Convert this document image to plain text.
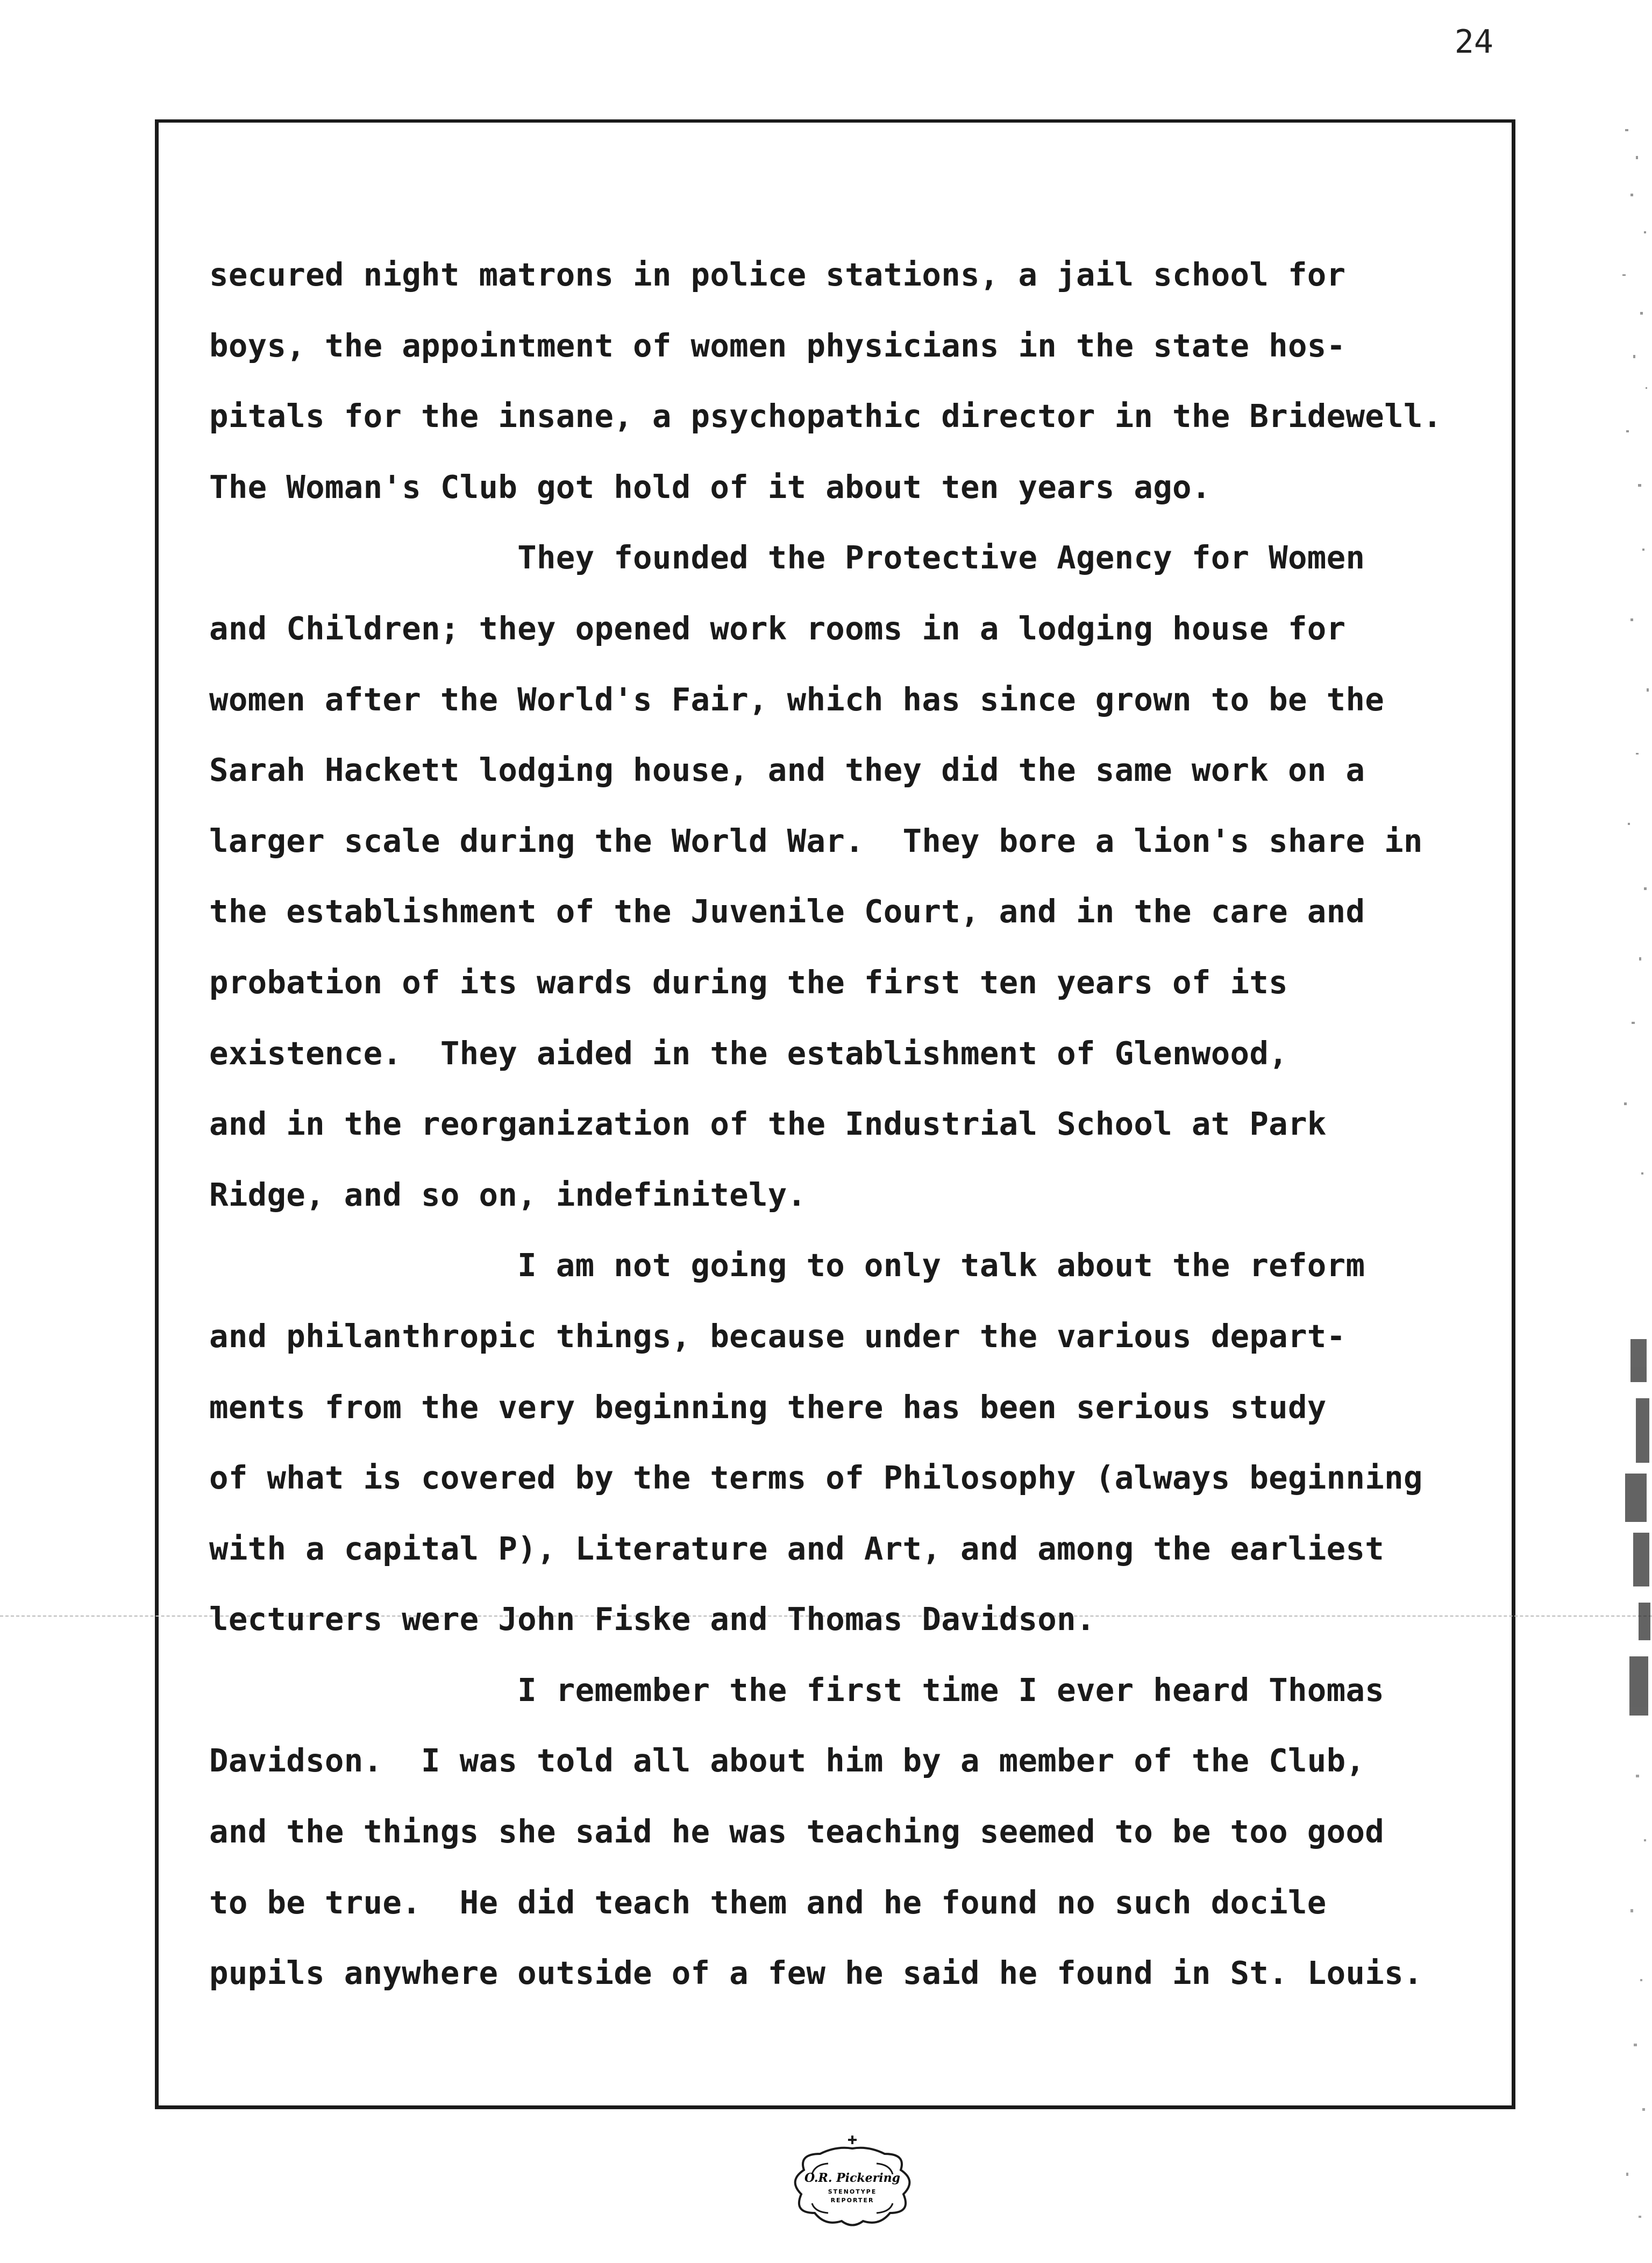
24
secured night matrons in police stations, a jail school for
boys, the appointment of women physicians in the state hos-
pitals for the insane, a psychopathic director in the Bridewell.
The Woman's Club got hold of it about ten years ago.
They founded the Protective Agency for Women
and Children; they opened work rooms in a lodging house for
women after the World's Fair, which has since grown to be the
Sarah Hackett lodging house, and they did the same work on a
larger scale during the World War.  They bore a lion's share in
the establishment of the Juvenile Court, and in the care and
probation of its wards during the first ten years of its
existence.  They aided in the establishment of Glenwood,
and in the reorganization of the Industrial School at Park
Ridge, and so on, indefinitely.
I am not going to only talk about the reform
and philanthropic things, because under the various depart-
ments from the very beginning there has been serious study
of what is covered by the terms of Philosophy (always beginning
with a capital P), Literature and Art, and among the earliest
lecturers were John Fiske and Thomas Davidson.
I remember the first time I ever heard Thomas
Davidson.  I was told all about him by a member of the Club,
and the things she said he was teaching seemed to be too good
to be true.  He did teach them and he found no such docile
pupils anywhere outside of a few he said he found in St. Louis.
O.R. Pickering
STENOTYPE
REPORTER
